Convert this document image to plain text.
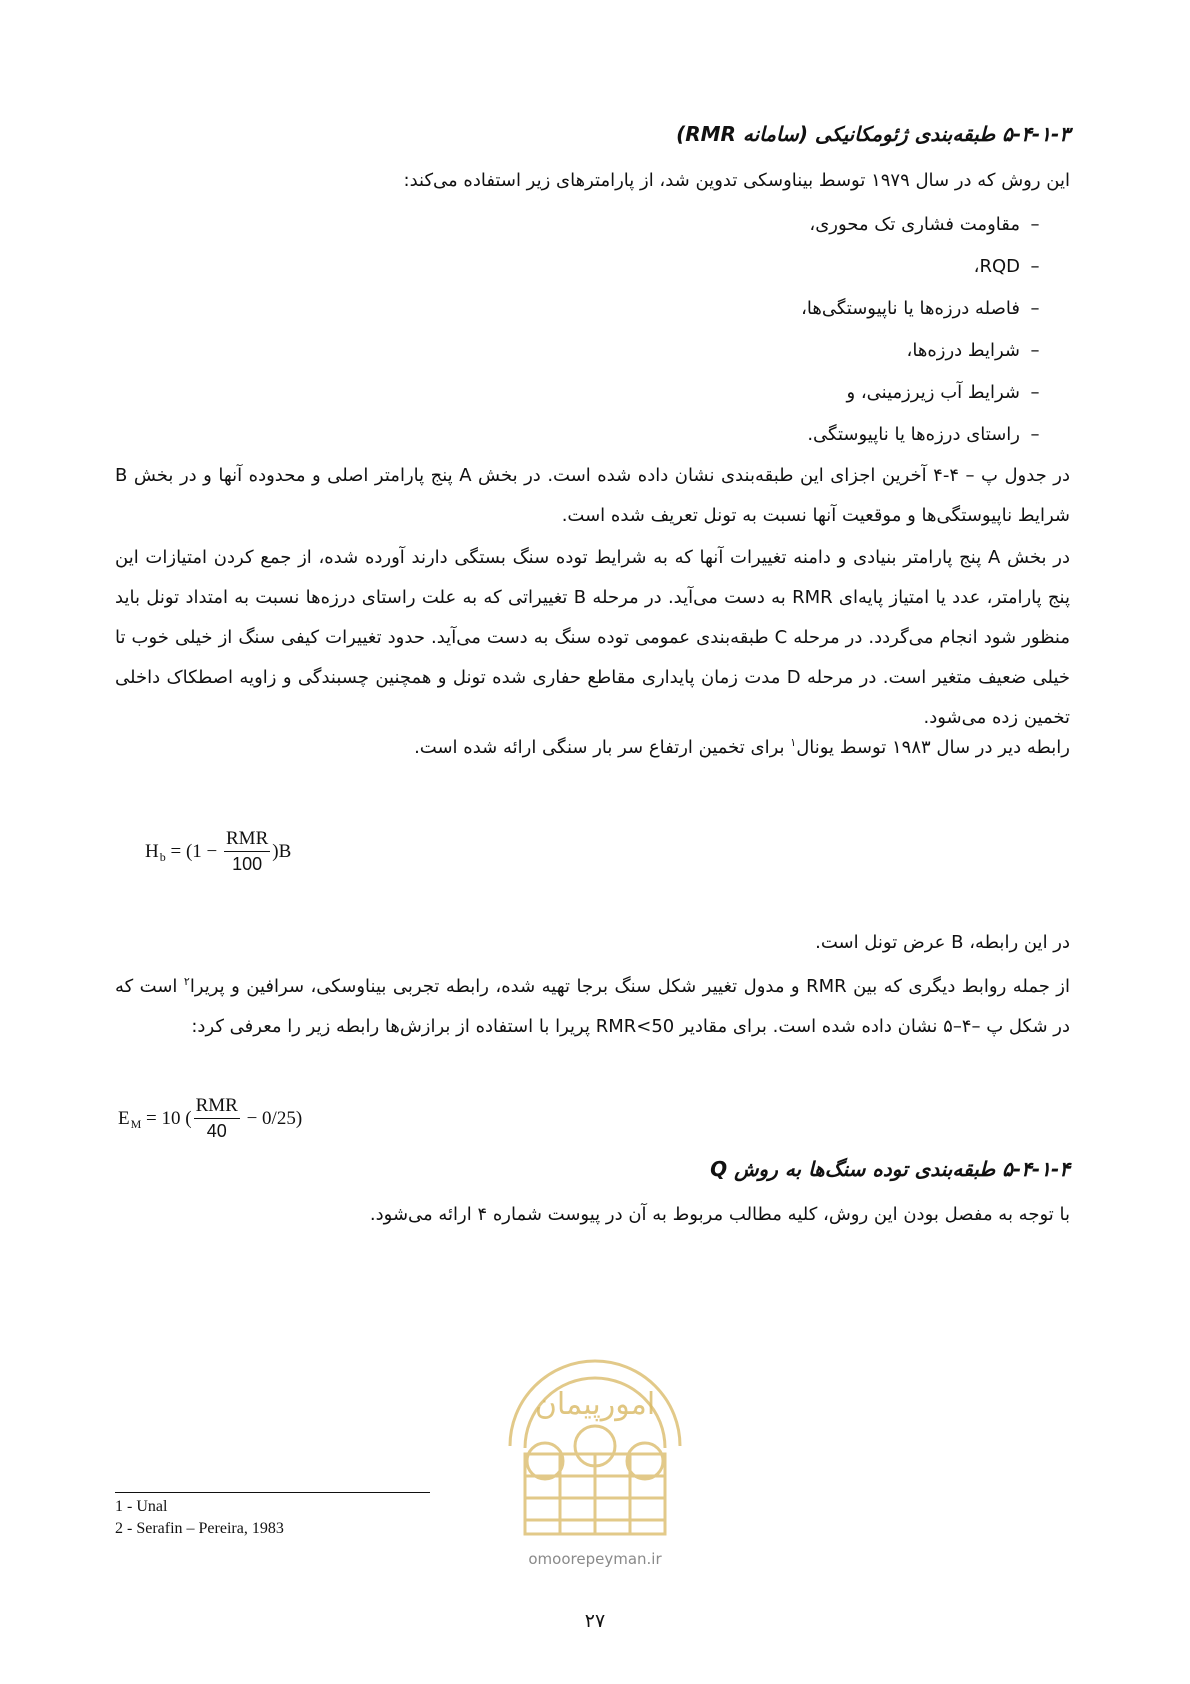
۵-۴-۱-۳ طبقه‌بندی ژئومکانیکی (سامانه RMR)
این روش که در سال ۱۹۷۹ توسط بیناوسکی تدوین شد، از پارامترهای زیر استفاده می‌کند:
–مقاومت فشاری تک محوری،
–RQD،
–فاصله درزه‌ها یا ناپیوستگی‌ها،
–شرایط درزه‌ها،
–شرایط آب زیرزمینی، و
–راستای درزه‌ها یا ناپیوستگی.
در جدول پ – ۴-۴ آخرین اجزای این طبقه‌بندی نشان داده شده است. در بخش A پنج پارامتر اصلی و محدوده آنها و در بخش B شرایط ناپیوستگی‌ها و موقعیت آنها نسبت به تونل تعریف شده است.
در بخش A پنج پارامتر بنیادی و دامنه تغییرات آنها که به شرایط توده سنگ بستگی دارند آورده شده، از جمع کردن امتیازات این پنج پارامتر، عدد یا امتیاز پایه‌ای RMR به دست می‌آید. در مرحله B تغییراتی که به علت راستای درزه‌ها نسبت به امتداد تونل باید منظور شود انجام می‌گردد. در مرحله C طبقه‌بندی عمومی توده سنگ به دست می‌آید. حدود تغییرات کیفی سنگ از خیلی خوب تا خیلی ضعیف متغیر است. در مرحله D مدت زمان پایداری مقاطع حفاری شده تونل و همچنین چسبندگی و زاویه اصطکاک داخلی تخمین زده می‌شود.
رابطه دیر در سال ۱۹۸۳ توسط یونال$^۱$ برای تخمین ارتفاع سر بار سنگی ارائه شده است.
H $b = (1 - \frac{\text{RMR}}{100} )B$
در این رابطه، B عرض تونل است.
از جمله روابط دیگری که بین RMR و مدول تغییر شکل سنگ برجا تهیه شده، رابطه تجربی بیناوسکی، سرافین و پریرا$^۲$ است که در شکل پ –۴–۵ نشان داده شده است. برای مقادیر RMR<50 پریرا با استفاده از برازش‌ها رابطه زیر را معرفی کرد:
E M = 10 ( $\frac{\text{RMR}}{40} - 0/25$)
۵-۴-۱-۴ طبقه‌بندی توده سنگ‌ها به روش Q
با توجه به مفصل بودن این روش، کلیه مطالب مربوط به آن در پیوست شماره ۴ ارائه می‌شود.
امورپیمان
omoorepeyman.ir
1 - Unal
2 - Serafin – Pereira, 1983
۲۷
